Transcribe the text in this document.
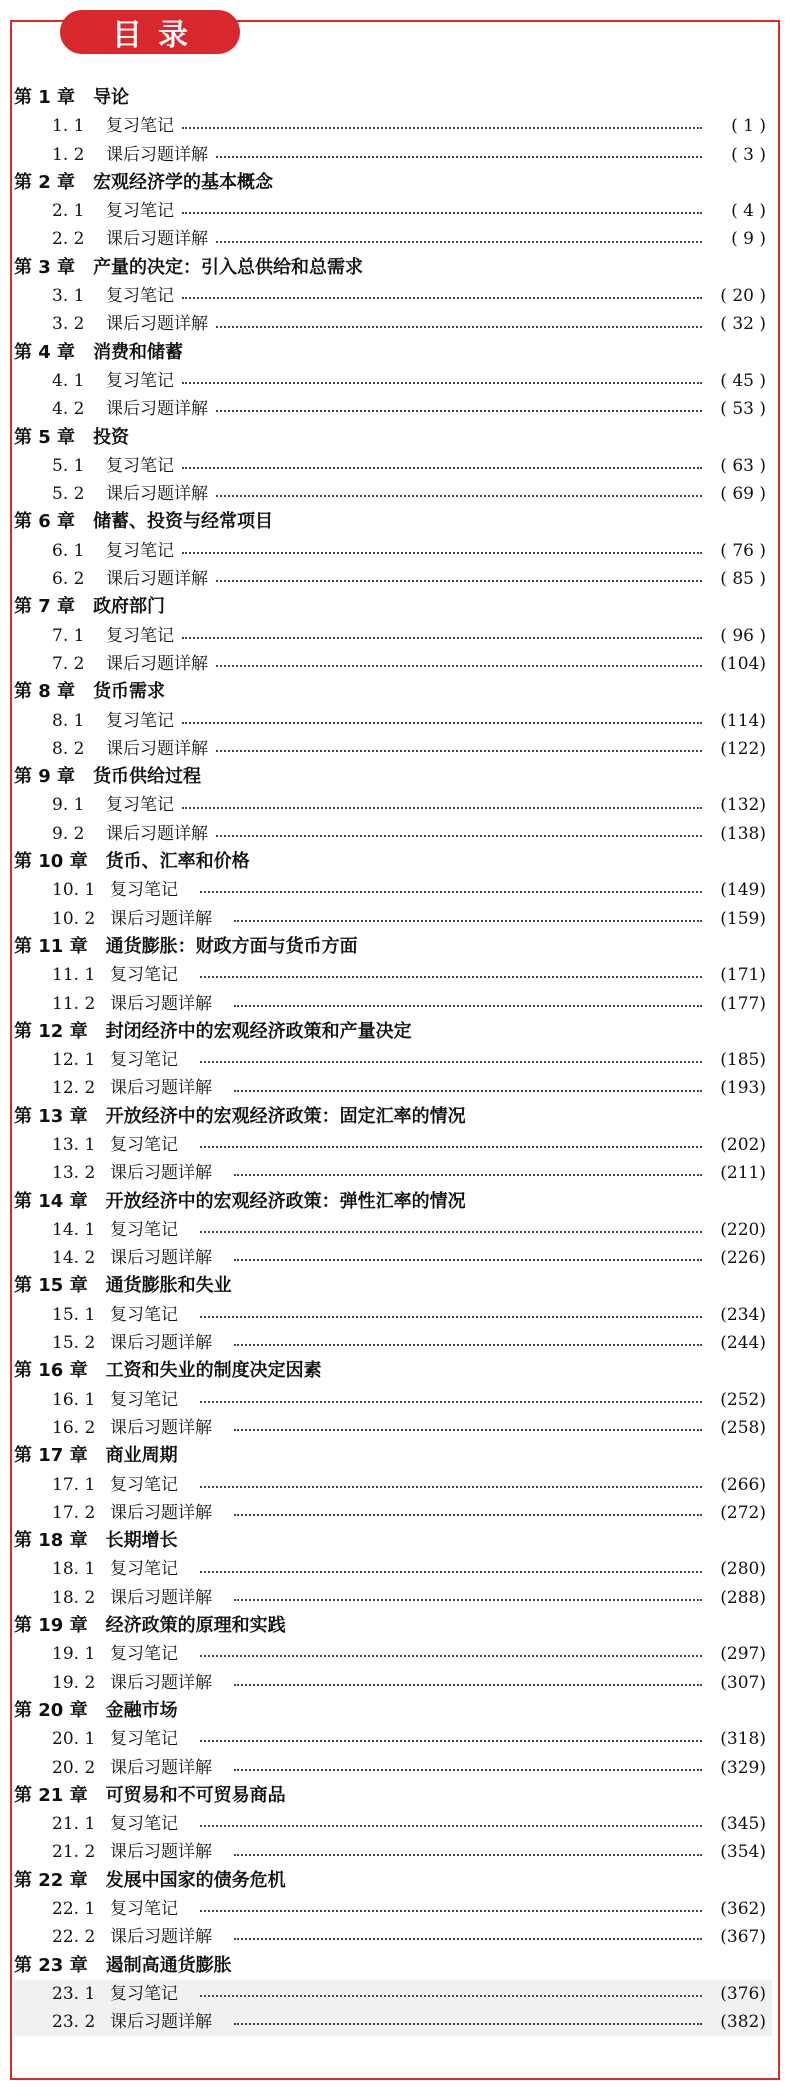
目录
第 1 章 导论
1. 1	复习笔记	( 1 )
1. 2	课后习题详解	( 3 )
第 2 章 宏观经济学的基本概念
2. 1	复习笔记	( 4 )
2. 2	课后习题详解	( 9 )
第 3 章 产量的决定：引入总供给和总需求
3. 1	复习笔记	( 20 )
3. 2	课后习题详解	( 32 )
第 4 章 消费和储蓄
4. 1	复习笔记	( 45 )
4. 2	课后习题详解	( 53 )
第 5 章 投资
5. 1	复习笔记	( 63 )
5. 2	课后习题详解	( 69 )
第 6 章 储蓄、投资与经常项目
6. 1	复习笔记	( 76 )
6. 2	课后习题详解	( 85 )
第 7 章 政府部门
7. 1	复习笔记	( 96 )
7. 2	课后习题详解	(104)
第 8 章 货币需求
8. 1	复习笔记	(114)
8. 2	课后习题详解	(122)
第 9 章 货币供给过程
9. 1	复习笔记	(132)
9. 2	课后习题详解	(138)
第 10 章 货币、汇率和价格
10. 1 复习笔记	(149)
10. 2 课后习题详解	(159)
第 11 章 通货膨胀：财政方面与货币方面
11. 1 复习笔记	(171)
11. 2 课后习题详解	(177)
第 12 章 封闭经济中的宏观经济政策和产量决定
12. 1 复习笔记	(185)
12. 2 课后习题详解	(193)
第 13 章 开放经济中的宏观经济政策：固定汇率的情况
13. 1 复习笔记	(202)
13. 2 课后习题详解	(211)
第 14 章 开放经济中的宏观经济政策：弹性汇率的情况
14. 1 复习笔记	(220)
14. 2 课后习题详解	(226)
第 15 章 通货膨胀和失业
15. 1 复习笔记	(234)
15. 2 课后习题详解	(244)
第 16 章 工资和失业的制度决定因素
16. 1 复习笔记	(252)
16. 2 课后习题详解	(258)
第 17 章 商业周期
17. 1 复习笔记	(266)
17. 2 课后习题详解	(272)
第 18 章 长期增长
18. 1 复习笔记	(280)
18. 2 课后习题详解	(288)
第 19 章 经济政策的原理和实践
19. 1 复习笔记	(297)
19. 2 课后习题详解	(307)
第 20 章 金融市场
20. 1 复习笔记	(318)
20. 2 课后习题详解	(329)
第 21 章 可贸易和不可贸易商品
21. 1 复习笔记	(345)
21. 2 课后习题详解	(354)
第 22 章 发展中国家的债务危机
22. 1 复习笔记	(362)
22. 2 课后习题详解	(367)
第 23 章 遏制高通货膨胀
23. 1 复习笔记	(376)
23. 2 课后习题详解	(382)
